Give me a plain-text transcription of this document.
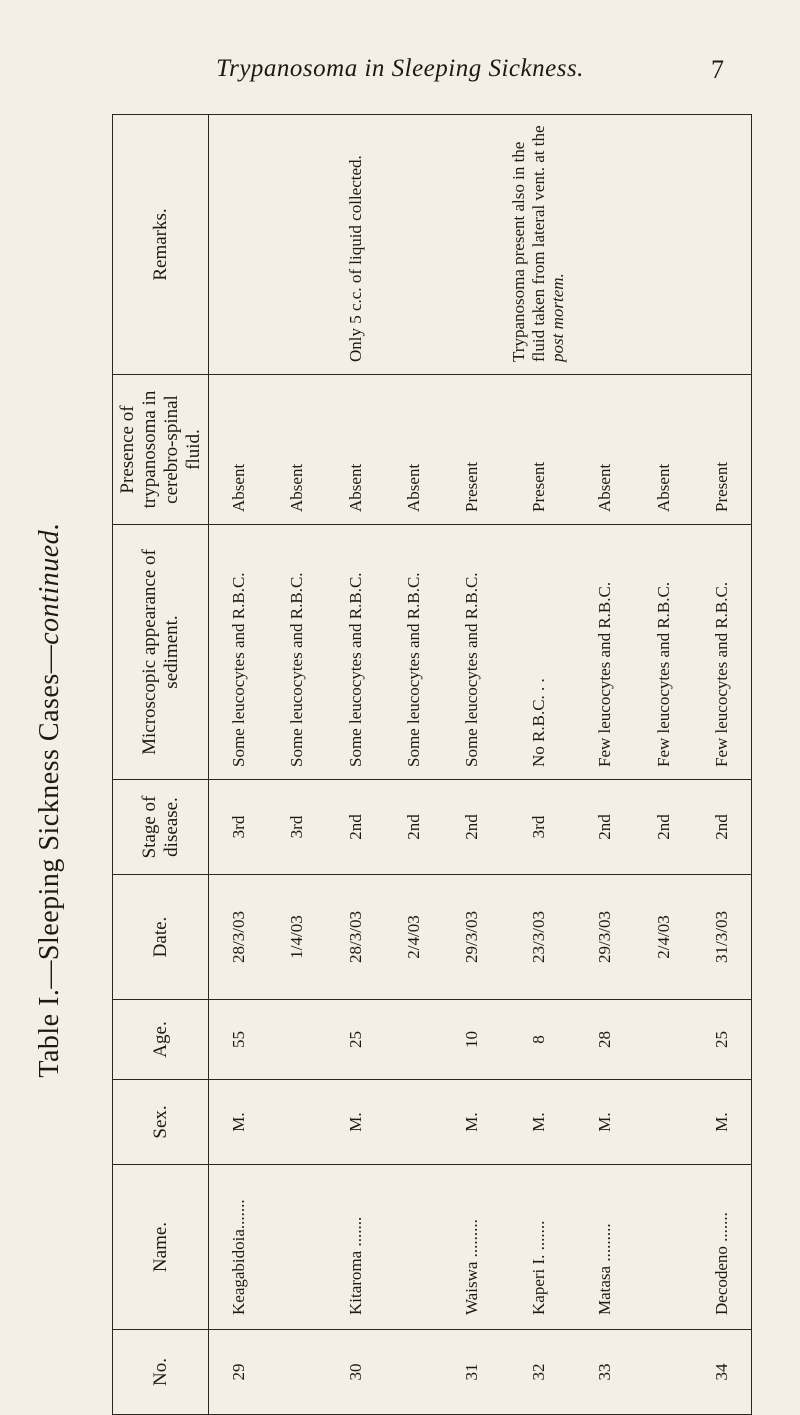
Trypanosoma in Sleeping Sickness.	7
Table I.—Sleeping Sickness Cases—continued.
No.	Name.	Sex.	Age.	Date.	Stage of disease.	Microscopic appearance of sediment.	Presence of trypanosoma in cerebro-spinal fluid.	Remarks.
29	Keagabidoia.......	M.	55	28/3/03	3rd	Some leucocytes and R.B.C.	Absent	
				1/4/03	3rd	Some leucocytes and R.B.C.	Absent	
30	Kitaroma .......	M.	25	28/3/03	2nd	Some leucocytes and R.B.C.	Absent	Only 5 c.c. of liquid collected.
				2/4/03	2nd	Some leucocytes and R.B.C.	Absent	
31	Waiswa .........	M.	10	29/3/03	2nd	Some leucocytes and R.B.C.	Present	
32	Kaperi I. .......	M.	8	23/3/03	3rd	No R.B.C. . .	Present	Trypanosoma present also in the fluid taken from lateral vent. at the post mortem.
33	Matasa .........	M.	28	29/3/03	2nd	Few leucocytes and R.B.C.	Absent	
				2/4/03	2nd	Few leucocytes and R.B.C.	Absent	
34	Decodeno .......	M.	25	31/3/03	2nd	Few leucocytes and R.B.C.	Present	
